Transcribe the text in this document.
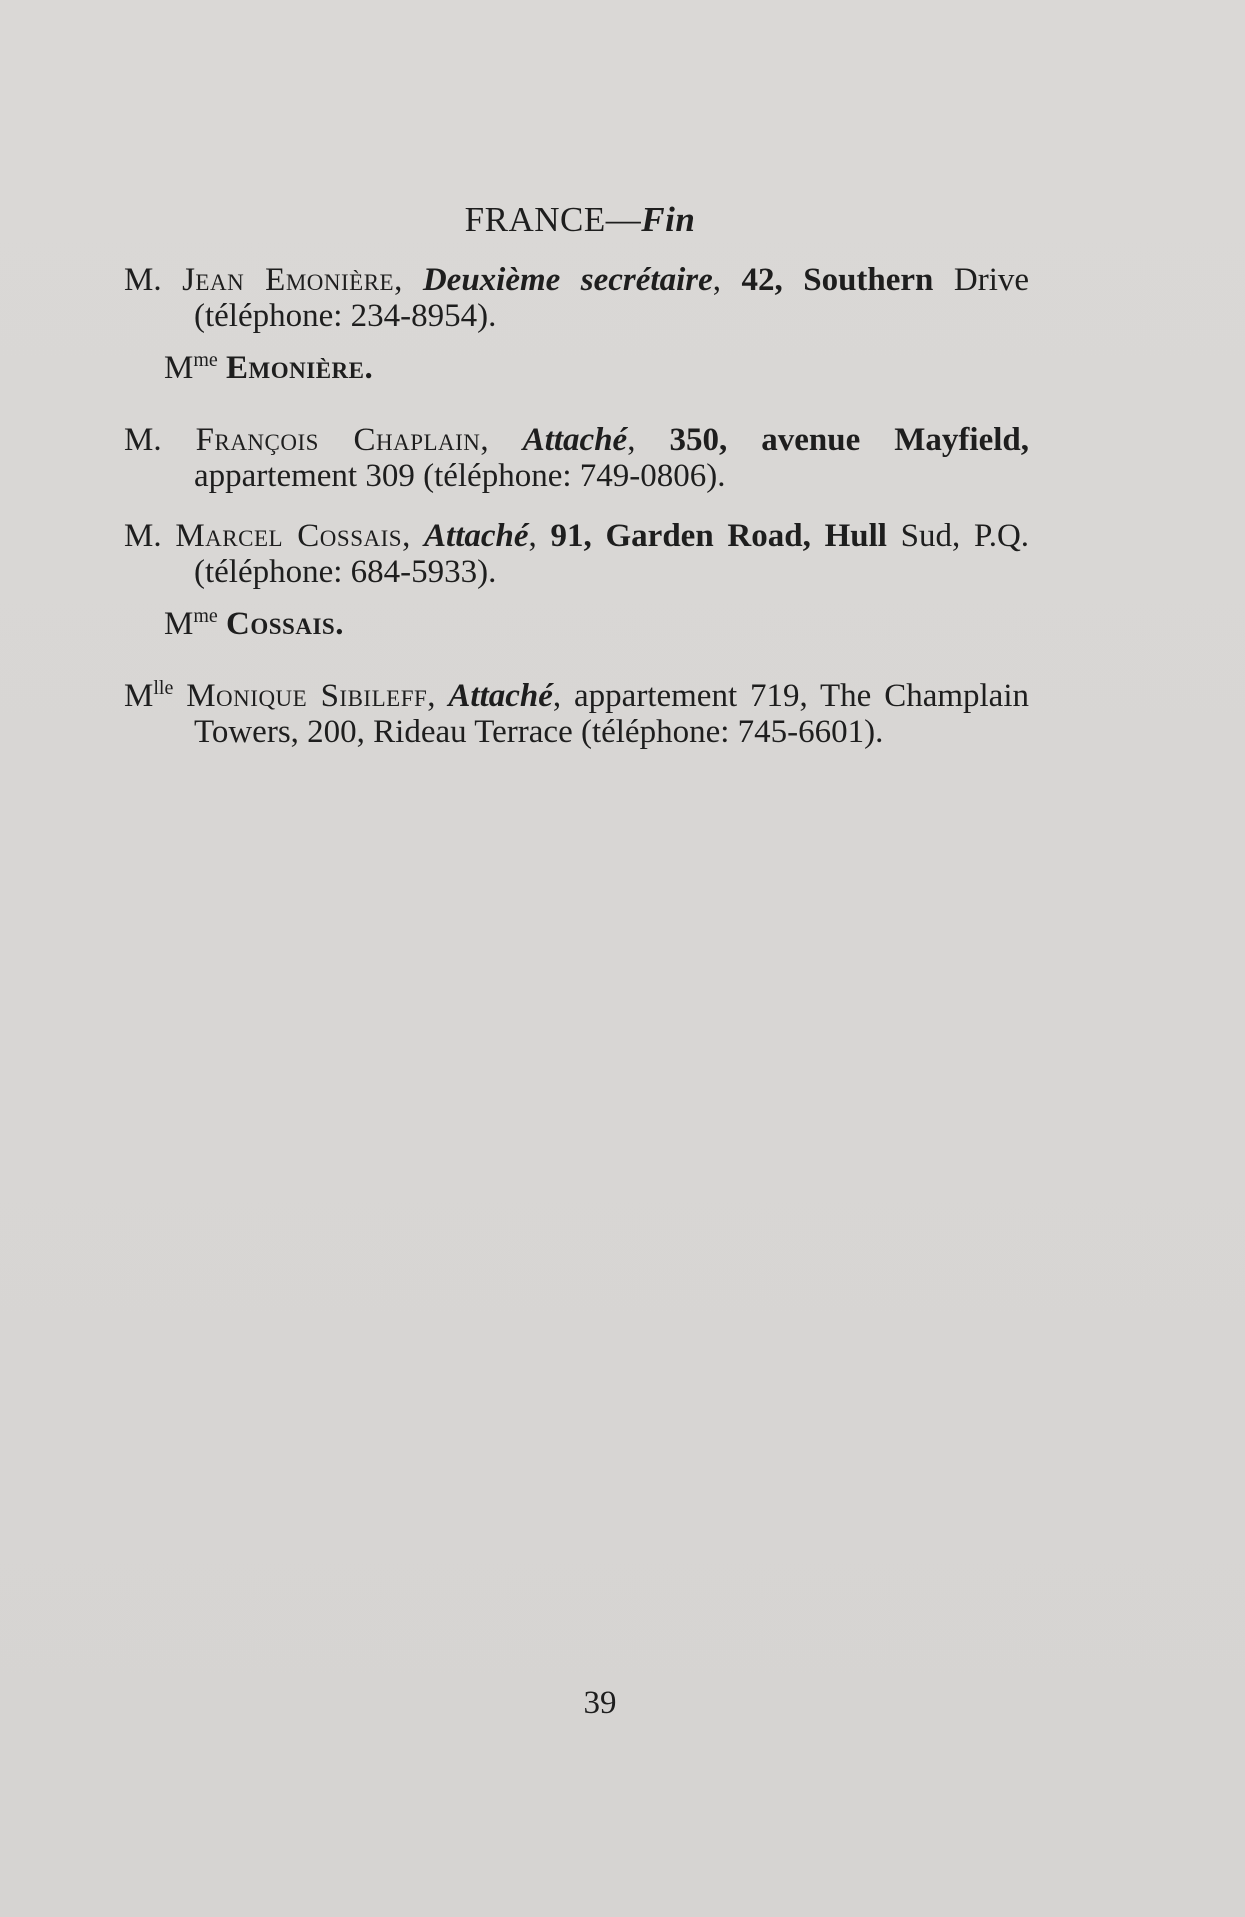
FRANCE—Fin

M. Jean Emonière, Deuxième secrétaire, 42, Southern Drive (téléphone: 234-8954).

$M^{me}$ Emonière.

M. François Chaplain, Attaché, 350, avenue Mayfield, appartement 309 (téléphone: 749-0806).

M. Marcel Cossais, Attaché, 91, Garden Road, Hull Sud, P.Q. (téléphone: 684-5933).

$M^{me}$ Cossais.

$M^{lle}$ Monique Sibileff, Attaché, appartement 719, The Champlain Towers, 200, Rideau Terrace (téléphone: 745-6601).

39
